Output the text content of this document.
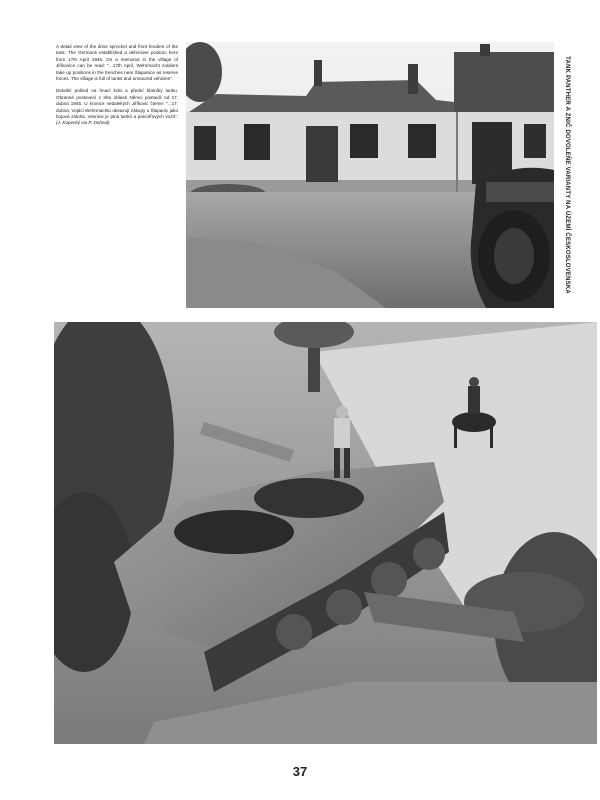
A detail view of the drive sprocket and front fenders of the tank. The Germans established a defensive position here from 17th April 1945. On a memorial in the village of Jiříkovice can be read: "...17th April, Wehrmacht soldiers take up positions in the trenches near Šlapanice as reserve forces. The village is full of tanks and armoured vehicles".

Detailní pohled na hnací kolo a přední blatníky tanku. Obranné postavení v této oblasti Němci postavili od 17. dubna 1945. U kronice nedalekých Jiříkovic čteme: "...17. dubna, Vojáci Wehrmachtu obsazují zákopy u Šlapanic jako bojová záloha. Vesnice je plná tanků a pancéřových vozů". (J. Kopecký via P. Dohnal)	TANK PANTHER A ZNIČ DOVOLEŇE VARIANTY NA ÚZEMÍ ČESKOSLOVENSKA
37
